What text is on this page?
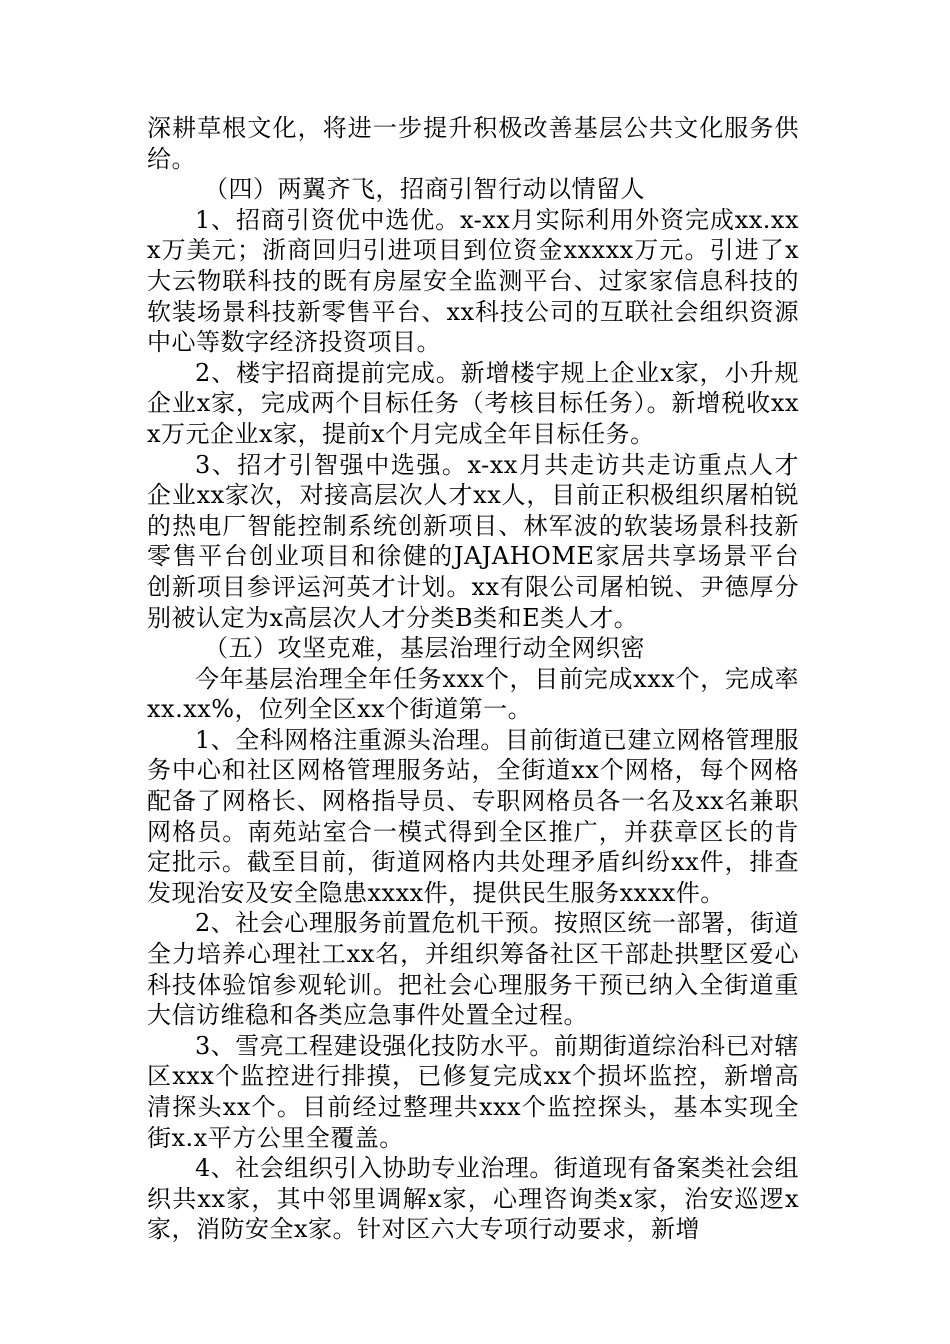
深耕草根文化，将进一步提升积极改善基层公共文化服务供给。

（四）两翼齐飞，招商引智行动以情留人

1、招商引资优中选优。x-xx月实际利用外资完成xx.xxx万美元；浙商回归引进项目到位资金xxxxx万元。引进了x大云物联科技的既有房屋安全监测平台、过家家信息科技的软装场景科技新零售平台、xx科技公司的互联社会组织资源中心等数字经济投资项目。

2、楼宇招商提前完成。新增楼宇规上企业x家，小升规企业x家，完成两个目标任务（考核目标任务）。新增税收xxx万元企业x家，提前x个月完成全年目标任务。

3、招才引智强中选强。x-xx月共走访共走访重点人才企业xx家次，对接高层次人才xx人，目前正积极组织屠柏锐的热电厂智能控制系统创新项目、林军波的软装场景科技新零售平台创业项目和徐健的JAJAHOME家居共享场景平台创新项目参评运河英才计划。xx有限公司屠柏锐、尹德厚分别被认定为x高层次人才分类B类和E类人才。

（五）攻坚克难，基层治理行动全网织密

今年基层治理全年任务xxx个，目前完成xxx个，完成率xx.xx%，位列全区xx个街道第一。

1、全科网格注重源头治理。目前街道已建立网格管理服务中心和社区网格管理服务站，全街道xx个网格，每个网格配备了网格长、网格指导员、专职网格员各一名及xx名兼职网格员。南苑站室合一模式得到全区推广，并获章区长的肯定批示。截至目前，街道网格内共处理矛盾纠纷xx件，排查发现治安及安全隐患xxxx件，提供民生服务xxxx件。

2、社会心理服务前置危机干预。按照区统一部署，街道全力培养心理社工xx名，并组织筹备社区干部赴拱墅区爱心科技体验馆参观轮训。把社会心理服务干预已纳入全街道重大信访维稳和各类应急事件处置全过程。

3、雪亮工程建设强化技防水平。前期街道综治科已对辖区xxx个监控进行排摸，已修复完成xx个损坏监控，新增高清探头xx个。目前经过整理共xxx个监控探头，基本实现全街x.x平方公里全覆盖。

4、社会组织引入协助专业治理。街道现有备案类社会组织共xx家，其中邻里调解x家，心理咨询类x家，治安巡逻x家，消防安全x家。针对区六大专项行动要求，新增
